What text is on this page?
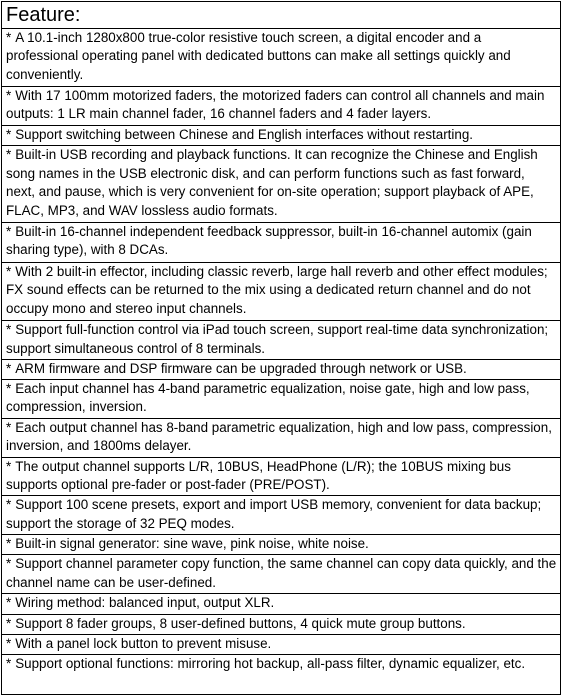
Feature:
* A 10.1-inch 1280x800 true-color resistive touch screen, a digital encoder and a professional operating panel with dedicated buttons can make all settings quickly and conveniently.
* With 17 100mm motorized faders, the motorized faders can control all channels and main outputs: 1 LR main channel fader, 16 channel faders and 4 fader layers.
* Support switching between Chinese and English interfaces without restarting.
* Built-in USB recording and playback functions. It can recognize the Chinese and English song names in the USB electronic disk, and can perform functions such as fast forward, next, and pause, which is very convenient for on-site operation; support playback of APE, FLAC, MP3, and WAV lossless audio formats.
* Built-in 16-channel independent feedback suppressor, built-in 16-channel automix (gain sharing type), with 8 DCAs.
* With 2 built-in effector, including classic reverb, large hall reverb and other effect modules; FX sound effects can be returned to the mix using a dedicated return channel and do not occupy mono and stereo input channels.
* Support full-function control via iPad touch screen, support real-time data synchronization; support simultaneous control of 8 terminals.
* ARM firmware and DSP firmware can be upgraded through network or USB.
* Each input channel has 4-band parametric equalization, noise gate, high and low pass, compression, inversion.
* Each output channel has 8-band parametric equalization, high and low pass, compression, inversion, and 1800ms delayer.
* The output channel supports L/R, 10BUS, HeadPhone (L/R); the 10BUS mixing bus supports optional pre-fader or post-fader (PRE/POST).
* Support 100 scene presets, export and import USB memory, convenient for data backup; support the storage of 32 PEQ modes.
* Built-in signal generator: sine wave, pink noise, white noise.
* Support channel parameter copy function, the same channel can copy data quickly, and the channel name can be user-defined.
* Wiring method: balanced input, output XLR.
* Support 8 fader groups, 8 user-defined buttons, 4 quick mute group buttons.
* With a panel lock button to prevent misuse.
* Support optional functions: mirroring hot backup, all-pass filter, dynamic equalizer, etc.
